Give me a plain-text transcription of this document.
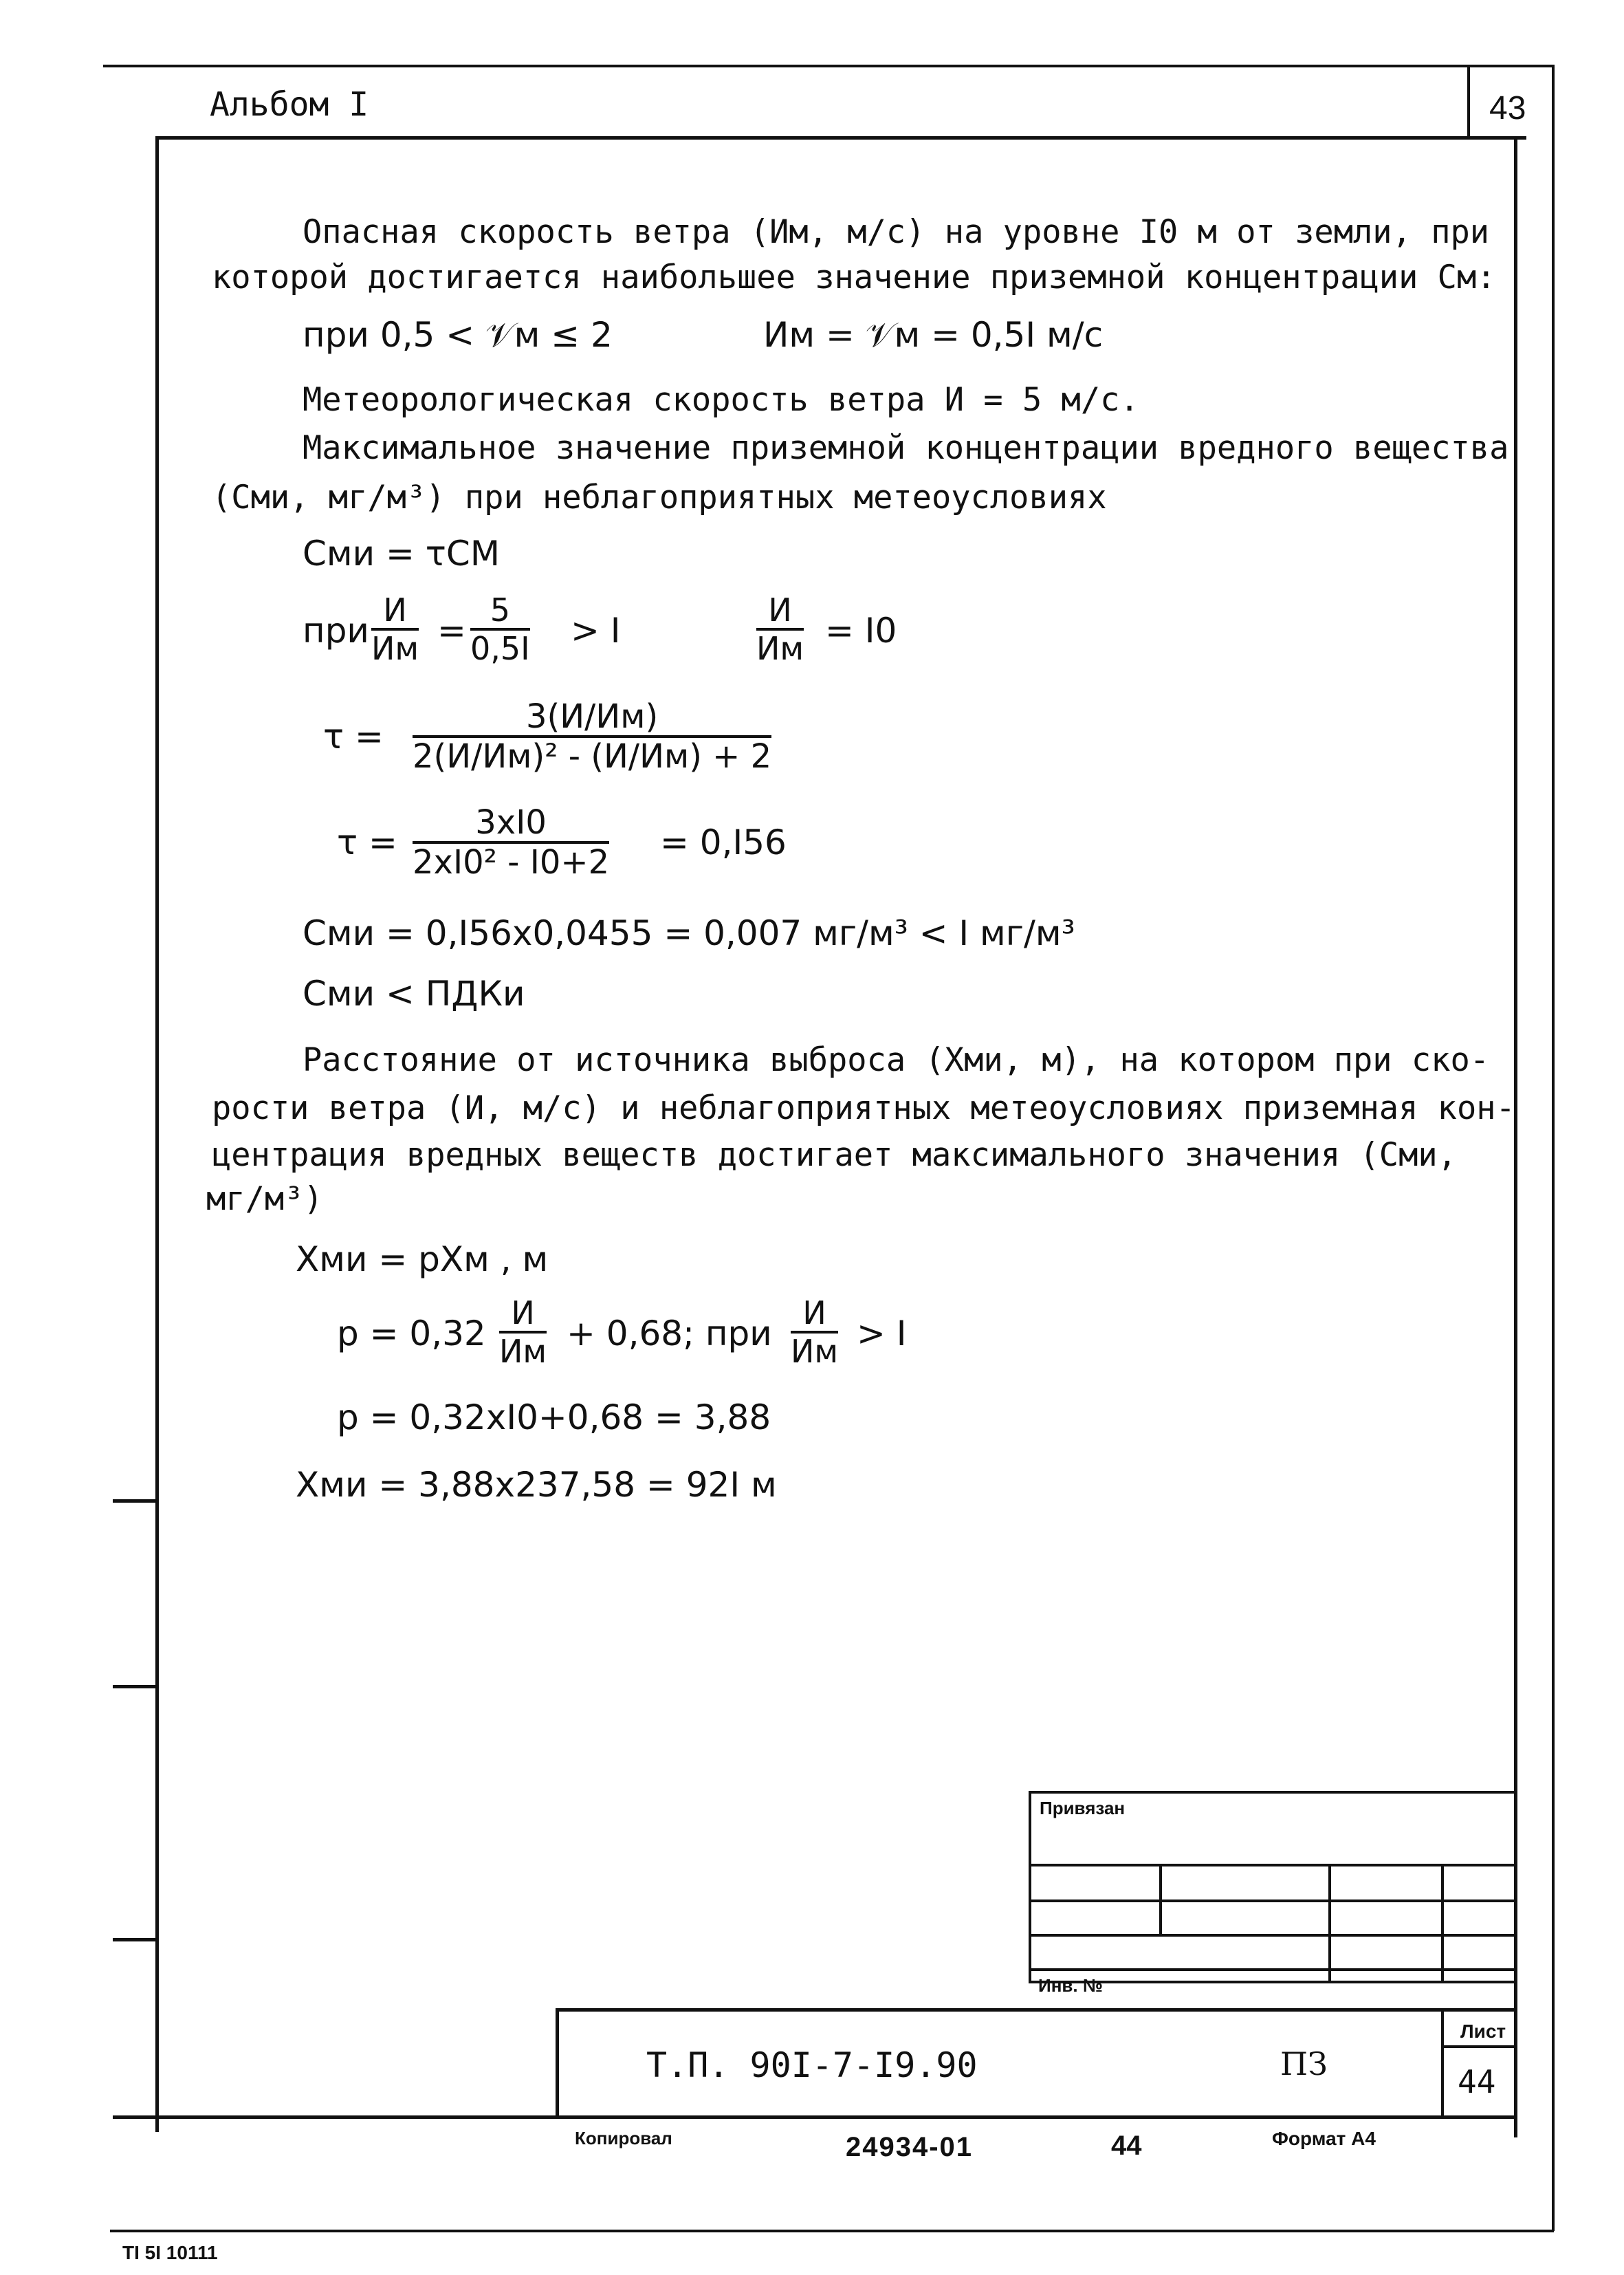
Альбом I	43
Опасная скорость ветра (Им, м/с) на уровне I0 м от земли, при
которой достигается наибольшее значение приземной концентрации См:
при 0,5 < 𝒱м ≤ 2	Им = 𝒱м = 0,5I м/с
Метеорологическая скорость ветра И = 5 м/с.
Максимальное значение приземной концентрации вредного вещества
(Сми, мг/м³) при неблагоприятных метеоусловиях
Сми = τСМ
при
И
Им = $\frac{5}{0,5I} > I$
И
Им = I0
τ =	3(И/Им)
2(И/Им)² - (И/Им) + 2
τ =	3хI0
2хI0² - I0+2 = 0,I56
Сми = 0,I56х0,0455 = 0,007 мг/м³ < I мг/м³
Сми < ПДКи
Расстояние от источника выброса (Хми, м), на котором при ско-
рости ветра (И, м/с) и неблагоприятных метеоусловиях приземная кон-
центрация вредных веществ достигает максимального значения (Сми,
мг/м³)
Хми = рХм , м
р = 0,32
И
Им + 0,68; при
И
Им > I
р = 0,32хI0+0,68 = 3,88
Хми = 3,88х237,58 = 92I м
Привязан
Инв. №
Т.П. 90I-7-I9.90	ПЗ
Лист
44
Копировал	24934-01	44	Формат А4
ТI 5I 10111
